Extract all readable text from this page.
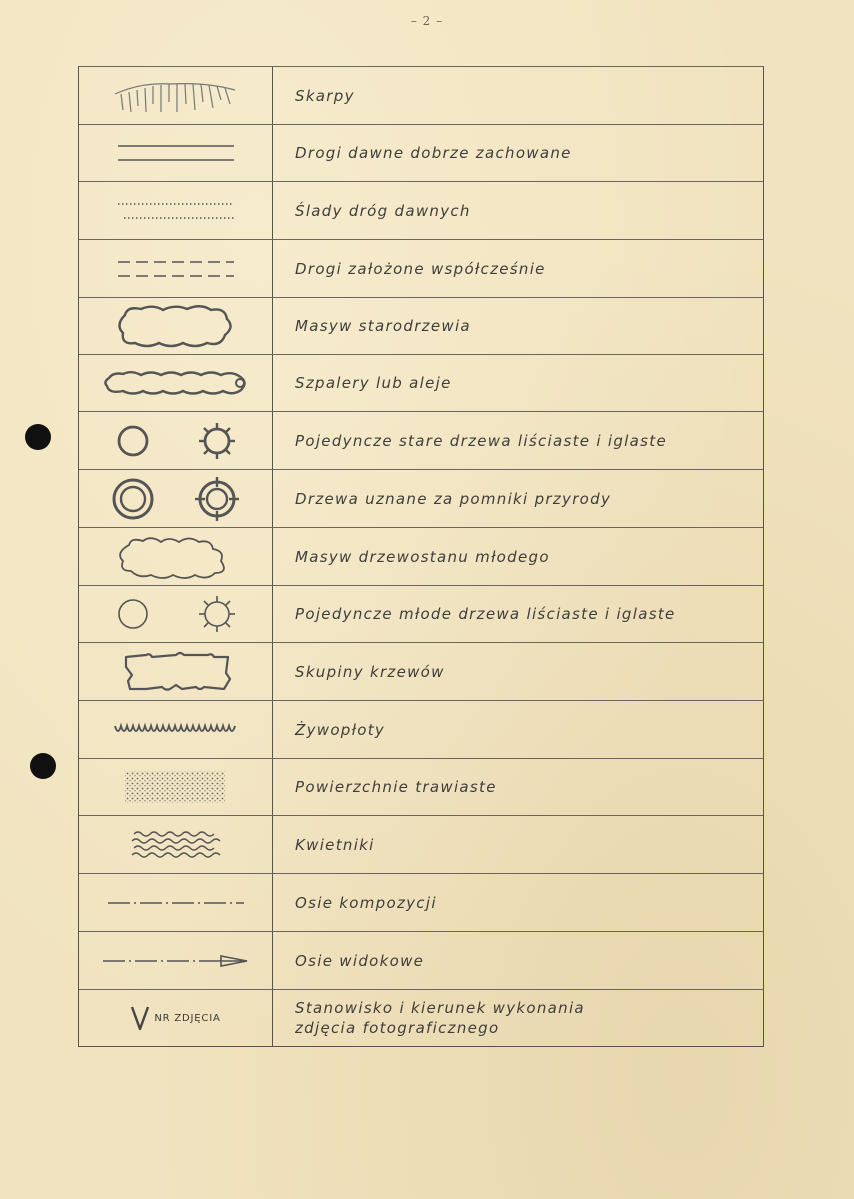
– 2 –
Skarpy
Drogi dawne dobrze zachowane
Ślady dróg dawnych
Drogi założone współcześnie
Masyw starodrzewia
Szpalery lub aleje
Pojedyncze stare drzewa liściaste i iglaste
Drzewa uznane za pomniki przyrody
Masyw drzewostanu młodego
Pojedyncze młode drzewa liściaste i iglaste
Skupiny krzewów
Żywopłoty
Powierzchnie trawiaste
Kwietniki
Osie kompozycji
Osie widokowe
NR ZDJĘCIA
Stanowisko i kierunek wykonania
zdjęcia fotograficznego
